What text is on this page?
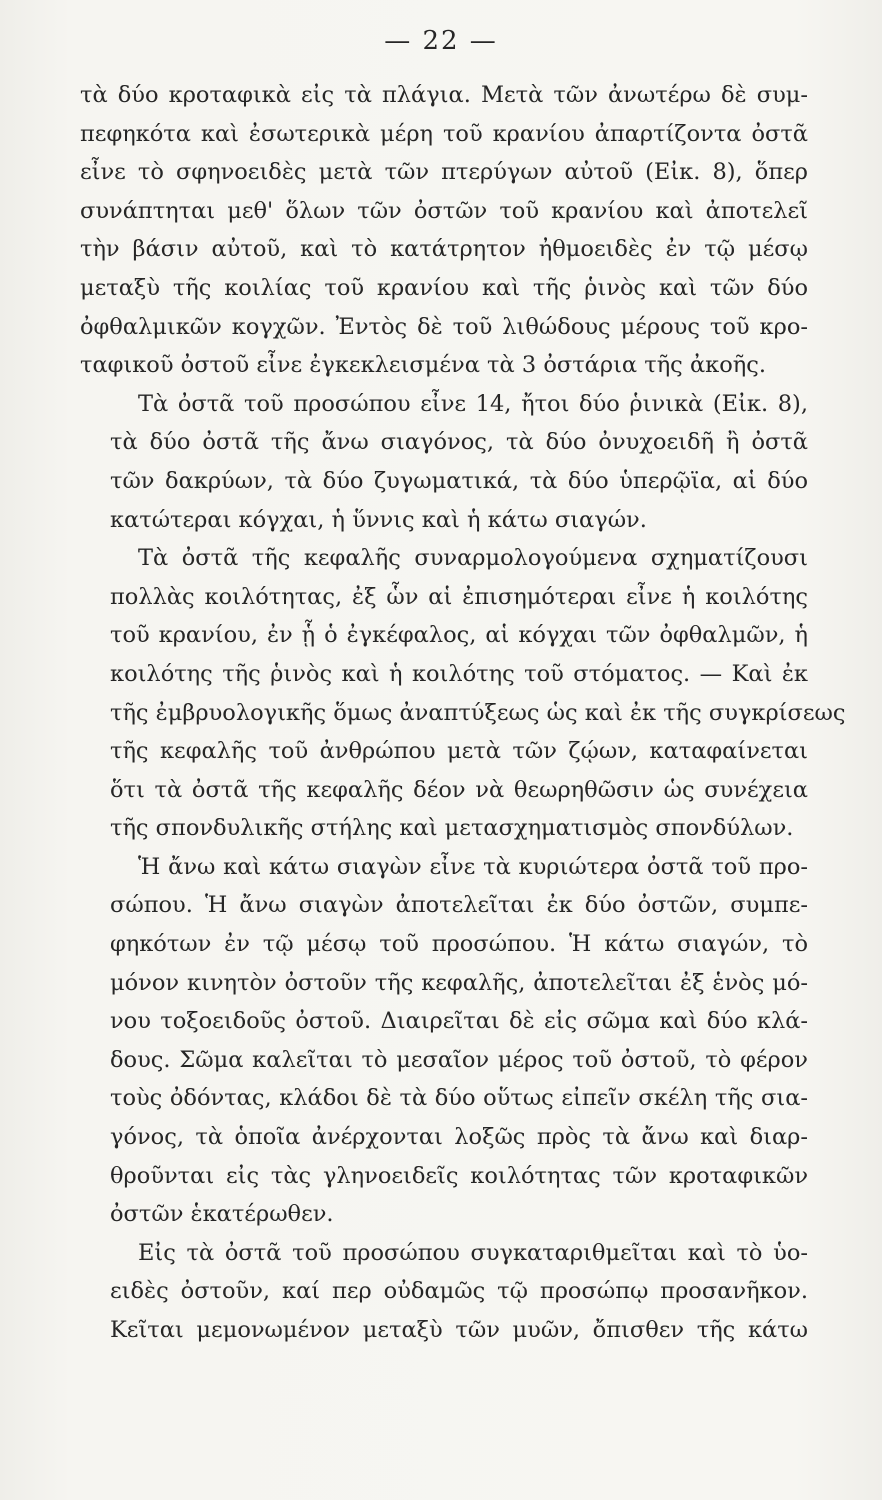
— 22 —
τὰ δύο κροταφικὰ εἰς τὰ πλάγια. Μετὰ τῶν ἀνωτέρω δὲ συμ-
πεφηκότα καὶ ἐσωτερικὰ μέρη τοῦ κρανίου ἀπαρτίζοντα ὀστᾶ
εἶνε τὸ σφηνοειδὲς μετὰ τῶν πτερύγων αὐτοῦ (Εἰκ. 8), ὅπερ
συνάπτηται μεθ' ὅλων τῶν ὀστῶν τοῦ κρανίου καὶ ἀποτελεῖ
τὴν βάσιν αὐτοῦ, καὶ τὸ κατάτρητον ἠθμοειδὲς ἐν τῷ μέσῳ
μεταξὺ τῆς κοιλίας τοῦ κρανίου καὶ τῆς ῥινὸς καὶ τῶν δύο
ὀφθαλμικῶν κογχῶν. Ἐντὸς δὲ τοῦ λιθώδους μέρους τοῦ κρο-
ταφικοῦ ὀστοῦ εἶνε ἐγκεκλεισμένα τὰ 3 ὀστάρια τῆς ἀκοῆς.
Τὰ ὀστᾶ τοῦ προσώπου εἶνε 14, ἤτοι δύο ῥινικὰ (Εἰκ. 8),
τὰ δύο ὀστᾶ τῆς ἄνω σιαγόνος, τὰ δύο ὀνυχοειδῆ ἢ ὀστᾶ
τῶν δακρύων, τὰ δύο ζυγωματικά, τὰ δύο ὑπερῷϊα, αἱ δύο
κατώτεραι κόγχαι, ἡ ὕννις καὶ ἡ κάτω σιαγών.
Τὰ ὀστᾶ τῆς κεφαλῆς συναρμολογούμενα σχηματίζουσι
πολλὰς κοιλότητας, ἐξ ὧν αἱ ἐπισημότεραι εἶνε ἡ κοιλότης
τοῦ κρανίου, ἐν ᾗ ὁ ἐγκέφαλος, αἱ κόγχαι τῶν ὀφθαλμῶν, ἡ
κοιλότης τῆς ῥινὸς καὶ ἡ κοιλότης τοῦ στόματος. — Καὶ ἐκ
τῆς ἐμβρυολογικῆς ὅμως ἀναπτύξεως ὡς καὶ ἐκ τῆς συγκρίσεως
τῆς κεφαλῆς τοῦ ἀνθρώπου μετὰ τῶν ζῴων, καταφαίνεται
ὅτι τὰ ὀστᾶ τῆς κεφαλῆς δέον νὰ θεωρηθῶσιν ὡς συνέχεια
τῆς σπονδυλικῆς στήλης καὶ μετασχηματισμὸς σπονδύλων.
Ἡ ἄνω καὶ κάτω σιαγὼν εἶνε τὰ κυριώτερα ὀστᾶ τοῦ προ-
σώπου. Ἡ ἄνω σιαγὼν ἀποτελεῖται ἐκ δύο ὀστῶν, συμπε-
φηκότων ἐν τῷ μέσῳ τοῦ προσώπου. Ἡ κάτω σιαγών, τὸ
μόνον κινητὸν ὀστοῦν τῆς κεφαλῆς, ἀποτελεῖται ἐξ ἑνὸς μό-
νου τοξοειδοῦς ὀστοῦ. Διαιρεῖται δὲ εἰς σῶμα καὶ δύο κλά-
δους. Σῶμα καλεῖται τὸ μεσαῖον μέρος τοῦ ὀστοῦ, τὸ φέρον
τοὺς ὀδόντας, κλάδοι δὲ τὰ δύο οὕτως εἰπεῖν σκέλη τῆς σια-
γόνος, τὰ ὁποῖα ἀνέρχονται λοξῶς πρὸς τὰ ἄνω καὶ διαρ-
θροῦνται εἰς τὰς γληνοειδεῖς κοιλότητας τῶν κροταφικῶν
ὀστῶν ἑκατέρωθεν.
Εἰς τὰ ὀστᾶ τοῦ προσώπου συγκαταριθμεῖται καὶ τὸ ὑο-
ειδὲς ὀστοῦν, καί περ οὐδαμῶς τῷ προσώπῳ προσανῆκον.
Κεῖται μεμονωμένον μεταξὺ τῶν μυῶν, ὄπισθεν τῆς κάτω
